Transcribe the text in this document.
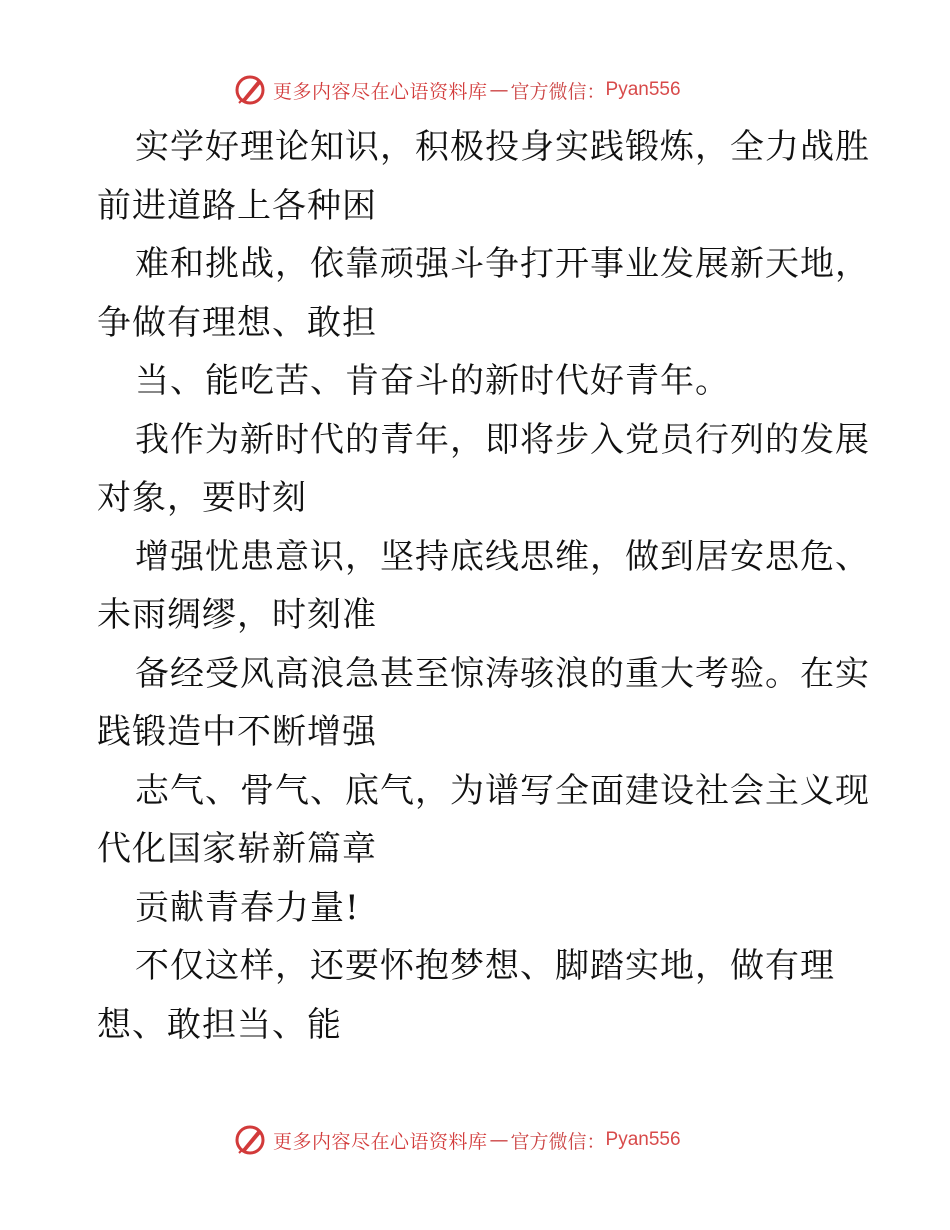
更多内容尽在心语资料库 — 官方微信： Pyan556
实学好理论知识，积极投身实践锻炼，全力战胜
前进道路上各种困
难和挑战，依靠顽强斗争打开事业发展新天地，
争做有理想、敢担
当、能吃苦、肯奋斗的新时代好青年。
我作为新时代的青年，即将步入党员行列的发展
对象，要时刻
增强忧患意识，坚持底线思维，做到居安思危、
未雨绸缪，时刻准
备经受风高浪急甚至惊涛骇浪的重大考验。在实
践锻造中不断增强
志气、骨气、底气，为谱写全面建设社会主义现
代化国家崭新篇章
贡献青春力量!
不仅这样，还要怀抱梦想、脚踏实地，做有理
想、敢担当、能
更多内容尽在心语资料库 — 官方微信： Pyan556
